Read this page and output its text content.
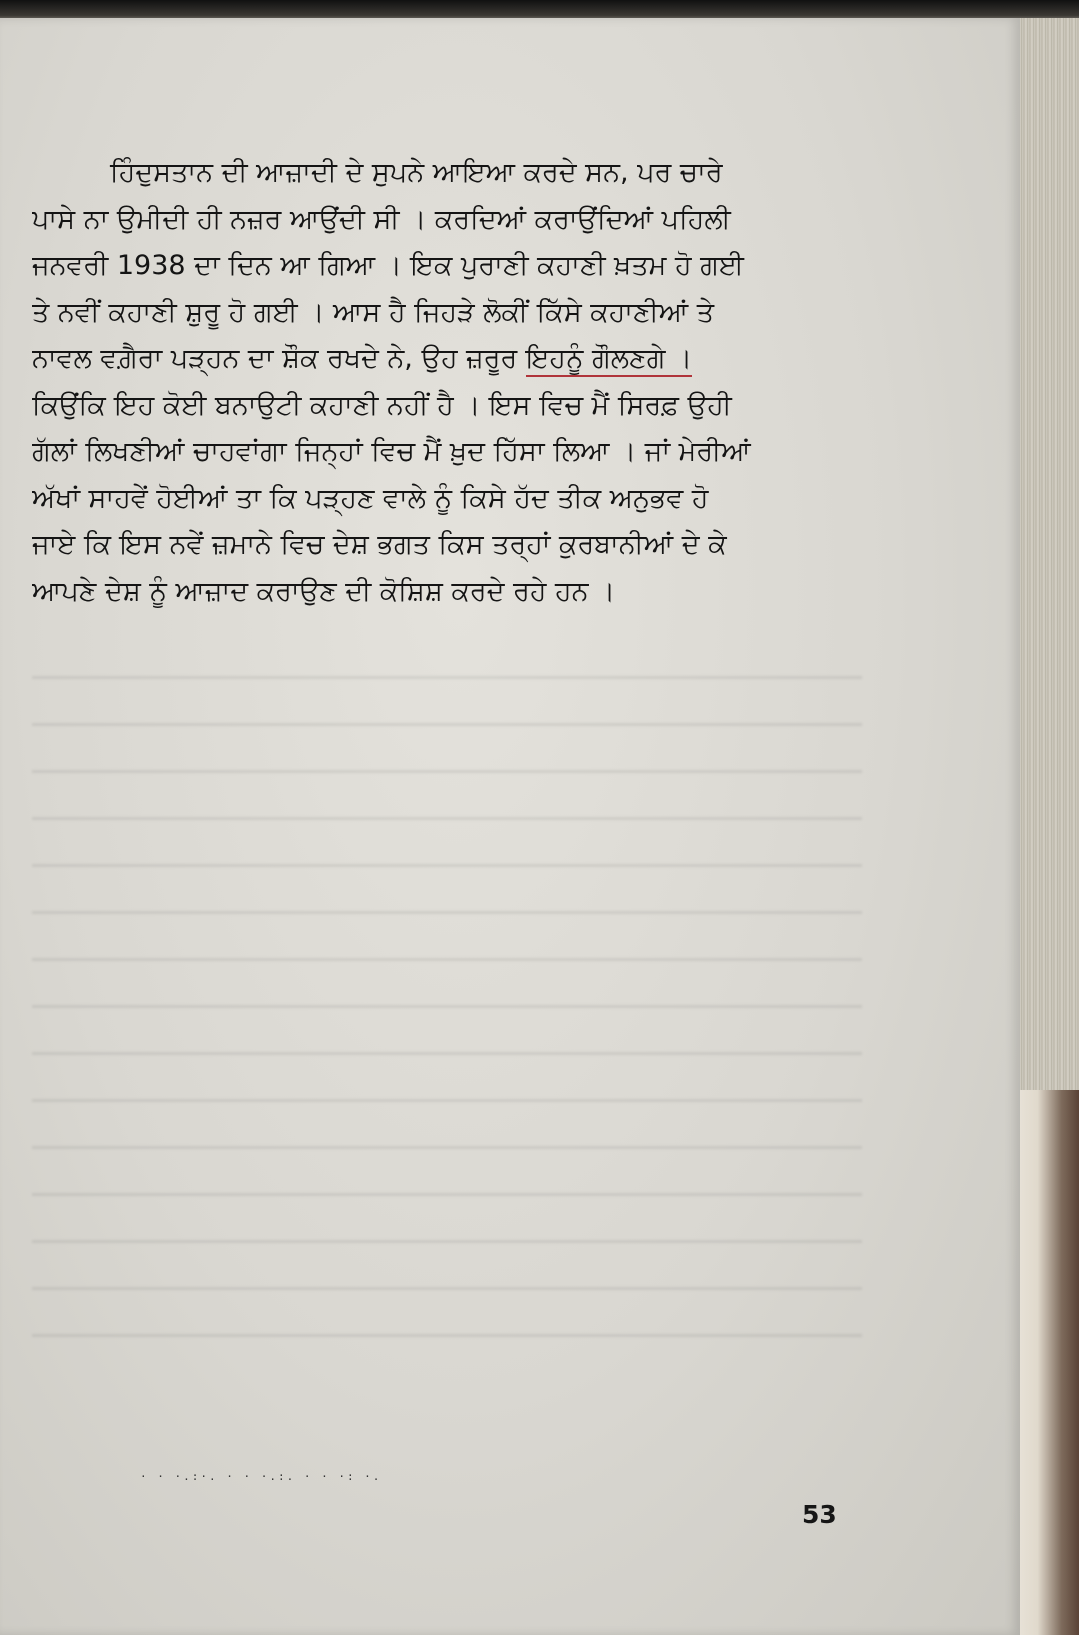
ਹਿੰਦੁਸਤਾਨ ਦੀ ਆਜ਼ਾਦੀ ਦੇ ਸੁਪਨੇ ਆਇਆ ਕਰਦੇ ਸਨ, ਪਰ ਚਾਰੇ
ਪਾਸੇ ਨਾ ਉਮੀਦੀ ਹੀ ਨਜ਼ਰ ਆਉਂਦੀ ਸੀ । ਕਰਦਿਆਂ ਕਰਾਉਂਦਿਆਂ ਪਹਿਲੀ
ਜਨਵਰੀ 1938 ਦਾ ਦਿਨ ਆ ਗਿਆ । ਇਕ ਪੁਰਾਣੀ ਕਹਾਣੀ ਖ਼ਤਮ ਹੋ ਗਈ
ਤੇ ਨਵੀਂ ਕਹਾਣੀ ਸ਼ੁਰੂ ਹੋ ਗਈ । ਆਸ ਹੈ ਜਿਹੜੇ ਲੋਕੀਂ ਕਿੱਸੇ ਕਹਾਣੀਆਂ ਤੇ
ਨਾਵਲ ਵਗ਼ੈਰਾ ਪੜ੍ਹਨ ਦਾ ਸ਼ੌਕ ਰਖਦੇ ਨੇ, ਉਹ ਜ਼ਰੂਰ ਇਹਨੂੰ ਗੌਲਣਗੇ ।
ਕਿਉਂਕਿ ਇਹ ਕੋਈ ਬਨਾਉਟੀ ਕਹਾਣੀ ਨਹੀਂ ਹੈ । ਇਸ ਵਿਚ ਮੈਂ ਸਿਰਫ਼ ਉਹੀ
ਗੱਲਾਂ ਲਿਖਣੀਆਂ ਚਾਹਵਾਂਗਾ ਜਿਨ੍ਹਾਂ ਵਿਚ ਮੈਂ ਖ਼ੁਦ ਹਿੱਸਾ ਲਿਆ । ਜਾਂ ਮੇਰੀਆਂ
ਅੱਖਾਂ ਸਾਹਵੇਂ ਹੋਈਆਂ ਤਾ ਕਿ ਪੜ੍ਹਣ ਵਾਲੇ ਨੂੰ ਕਿਸੇ ਹੱਦ ਤੀਕ ਅਨੁਭਵ ਹੋ
ਜਾਏ ਕਿ ਇਸ ਨਵੇਂ ਜ਼ਮਾਨੇ ਵਿਚ ਦੇਸ਼ ਭਗਤ ਕਿਸ ਤਰ੍ਹਾਂ ਕੁਰਬਾਨੀਆਂ ਦੇ ਕੇ
ਆਪਣੇ ਦੇਸ਼ ਨੂੰ ਆਜ਼ਾਦ ਕਰਾਉਣ ਦੀ ਕੋਸ਼ਿਸ਼ ਕਰਦੇ ਰਹੇ ਹਨ ।
· · ·.:·. · · ·.:. · · ·: ·.
53
